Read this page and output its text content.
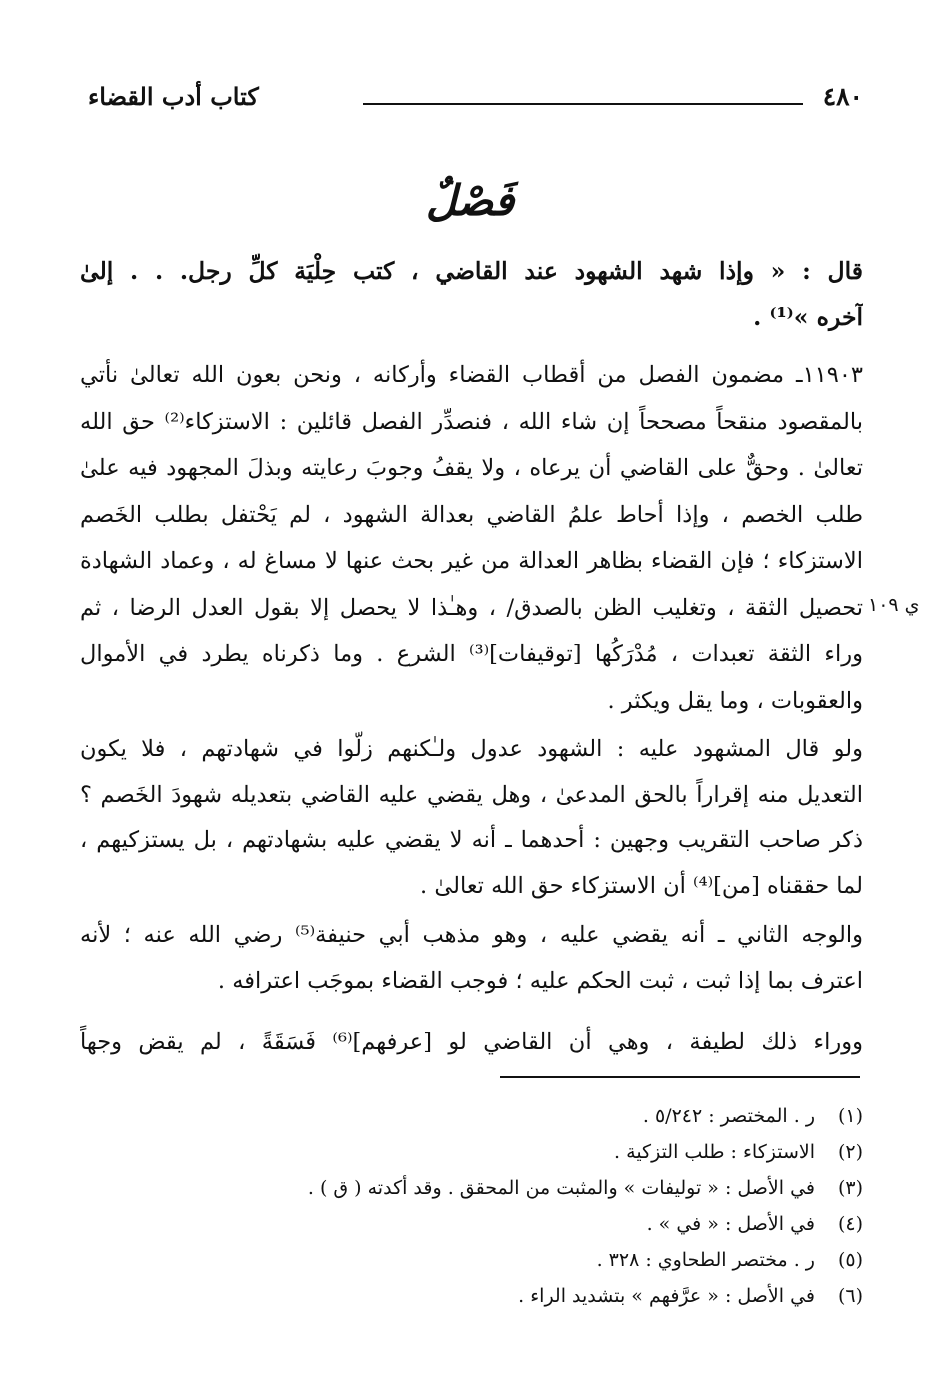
٤٨٠
كتاب أدب القضاء
فَصْلٌ
قال : « وإذا شهد الشهود عند القاضي ، كتب حِلْيَة كلِّ رجل. . . إلىٰ
آخره »⁽¹⁾ .
١١٩٠٣ـ مضمون الفصل من أقطاب القضاء وأركانه ، ونحن بعون الله تعالىٰ نأتي
بالمقصود منقحاً مصححاً إن شاء الله ، فنصدِّر الفصل قائلين : الاستزكاء⁽²⁾ حق الله
تعالىٰ . وحقٌّ على القاضي أن يرعاه ، ولا يقفُ وجوبَ رعايته وبذلَ المجهود فيه علىٰ
طلب الخصم ، وإذا أحاط علمُ القاضي بعدالة الشهود ، لم يَحْتفل بطلب الخَصم
الاستزكاء ؛ فإن القضاء بظاهر العدالة من غير بحث عنها لا مساغ له ، وعماد الشهادة
تحصيل الثقة ، وتغليب الظن بالصدق/ ، وهـٰذا لا يحصل إلا بقول العدل الرضا ، ثم
وراء الثقة تعبدات ، مُدْرَكُها [توقيفات]⁽³⁾ الشرع . وما ذكرناه يطرد في الأموال
والعقوبات ، وما يقل ويكثر .
ي ١٠٩
ولو قال المشهود عليه : الشهود عدول ولـٰكنهم زلّوا في شهادتهم ، فلا يكون
التعديل منه إقراراً بالحق المدعىٰ ، وهل يقضي عليه القاضي بتعديله شهودَ الخَصم ؟
ذكر صاحب التقريب وجهين : أحدهما ـ أنه لا يقضي عليه بشهادتهم ، بل يستزكيهم ،
لما حققناه [من]⁽⁴⁾ أن الاستزكاء حق الله تعالىٰ .
والوجه الثاني ـ أنه يقضي عليه ، وهو مذهب أبي حنيفة⁽⁵⁾ رضي الله عنه ؛ لأنه
اعترف بما إذا ثبت ، ثبت الحكم عليه ؛ فوجب القضاء بموجَب اعترافه .
ووراء ذلك لطيفة ، وهي أن القاضي لو [عرفهم]⁽⁶⁾ فَسَقَةً ، لم يقض وجهاً
(١)ر . المختصر : ٥/٢٤٢ .
(٢)الاستزكاء : طلب التزكية .
(٣)في الأصل : « توليفات » والمثبت من المحقق . وقد أكدته ( ق ) .
(٤)في الأصل : « في » .
(٥)ر . مختصر الطحاوي : ٣٢٨ .
(٦)في الأصل : « عرَّفهم » بتشديد الراء .
